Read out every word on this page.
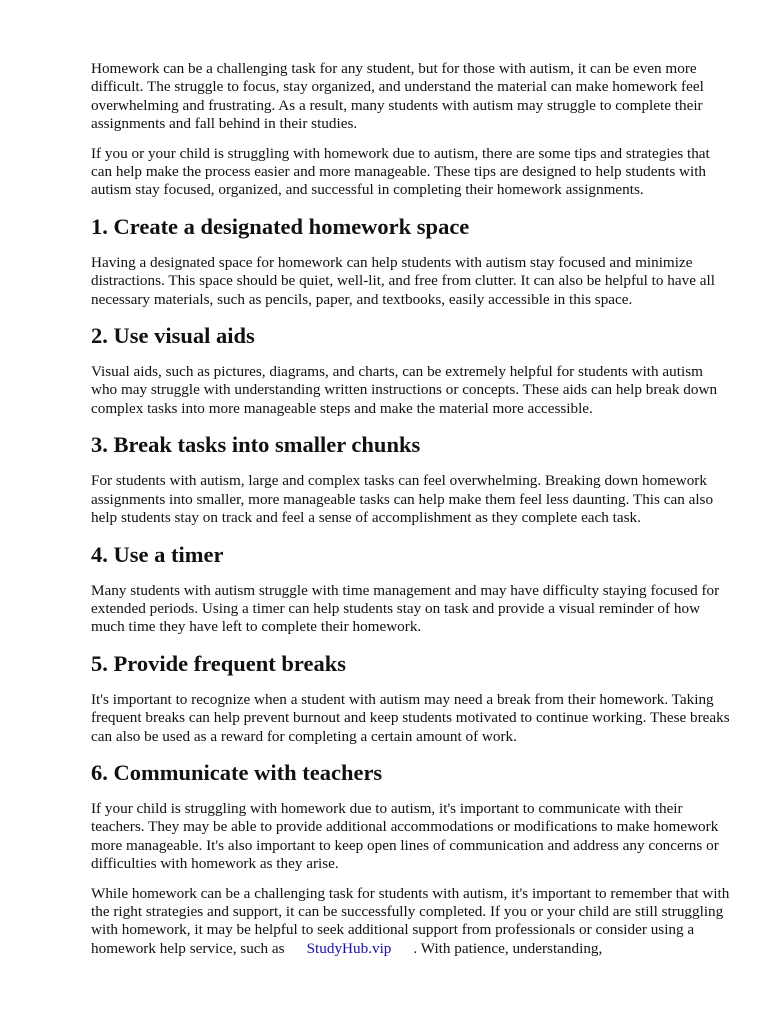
Homework can be a challenging task for any student, but for those with autism, it can be even more difficult. The struggle to focus, stay organized, and understand the material can make homework feel overwhelming and frustrating. As a result, many students with autism may struggle to complete their assignments and fall behind in their studies.

If you or your child is struggling with homework due to autism, there are some tips and strategies that can help make the process easier and more manageable. These tips are designed to help students with autism stay focused, organized, and successful in completing their homework assignments.

1. Create a designated homework space

Having a designated space for homework can help students with autism stay focused and minimize distractions. This space should be quiet, well-lit, and free from clutter. It can also be helpful to have all necessary materials, such as pencils, paper, and textbooks, easily accessible in this space.

2. Use visual aids

Visual aids, such as pictures, diagrams, and charts, can be extremely helpful for students with autism who may struggle with understanding written instructions or concepts. These aids can help break down complex tasks into more manageable steps and make the material more accessible.

3. Break tasks into smaller chunks

For students with autism, large and complex tasks can feel overwhelming. Breaking down homework assignments into smaller, more manageable tasks can help make them feel less daunting. This can also help students stay on track and feel a sense of accomplishment as they complete each task.

4. Use a timer

Many students with autism struggle with time management and may have difficulty staying focused for extended periods. Using a timer can help students stay on task and provide a visual reminder of how much time they have left to complete their homework.

5. Provide frequent breaks

It's important to recognize when a student with autism may need a break from their homework. Taking frequent breaks can help prevent burnout and keep students motivated to continue working. These breaks can also be used as a reward for completing a certain amount of work.

6. Communicate with teachers

If your child is struggling with homework due to autism, it's important to communicate with their teachers. They may be able to provide additional accommodations or modifications to make homework more manageable. It's also important to keep open lines of communication and address any concerns or difficulties with homework as they arise.

While homework can be a challenging task for students with autism, it's important to remember that with the right strategies and support, it can be successfully completed. If you or your child are still struggling with homework, it may be helpful to seek additional support from professionals or consider using a homework help service, such as StudyHub.vip . With patience, understanding,
